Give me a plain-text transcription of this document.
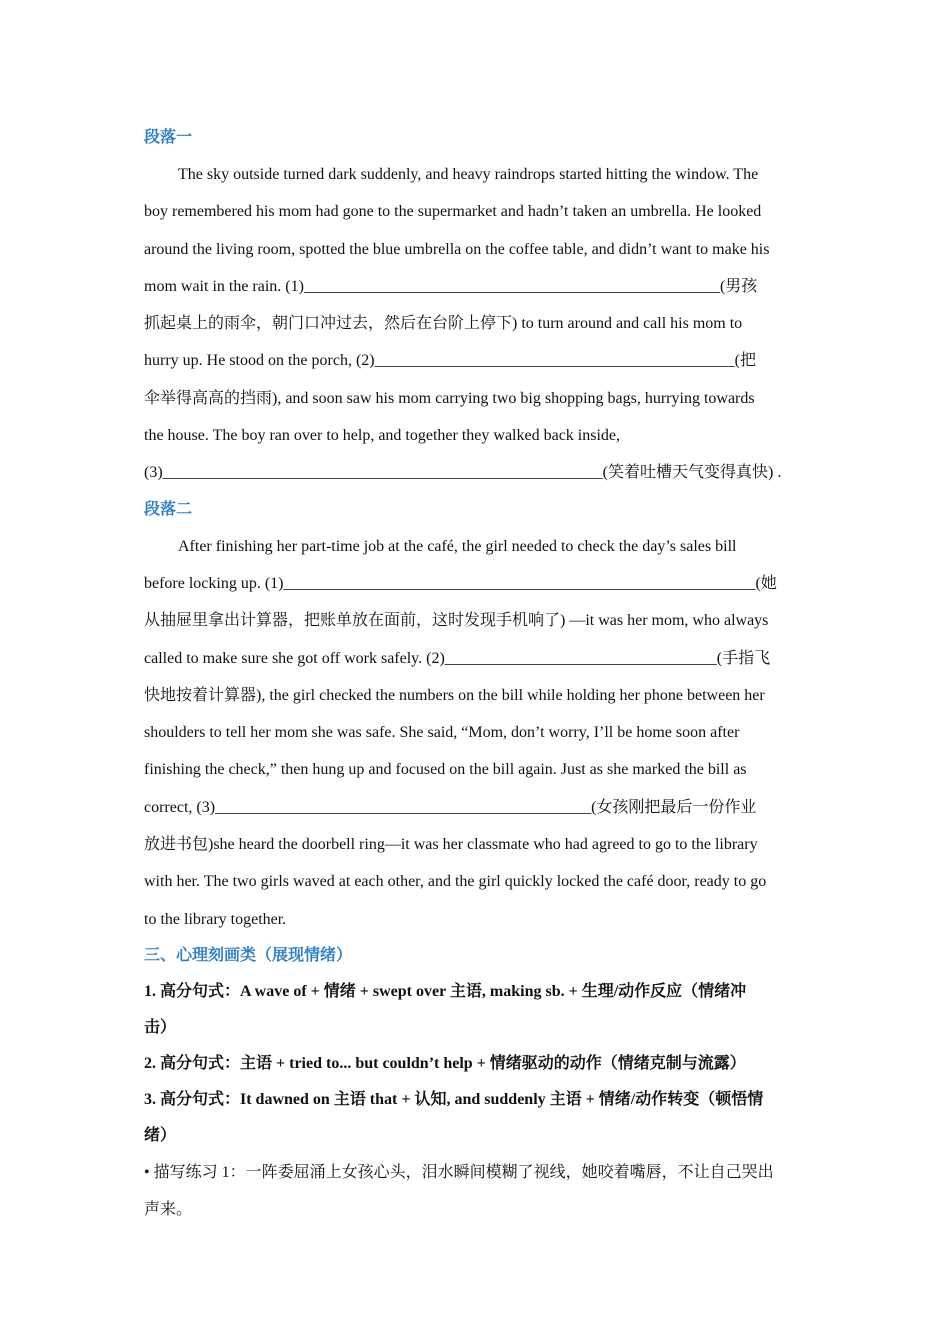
段落一
The sky outside turned dark suddenly, and heavy raindrops started hitting the window. The
boy remembered his mom had gone to the supermarket and hadn’t taken an umbrella. He looked
around the living room, spotted the blue umbrella on the coffee table, and didn’t want to make his
mom wait in the rain. (1)____________________________________________________(男孩
抓起桌上的雨伞，朝门口冲过去，然后在台阶上停下) to turn around and call his mom to
hurry up. He stood on the porch, (2)_____________________________________________(把
伞举得高高的挡雨), and soon saw his mom carrying two big shopping bags, hurrying towards
the house. The boy ran over to help, and together they walked back inside,
(3)_______________________________________________________(笑着吐槽天气变得真快) .
段落二
After finishing her part-time job at the café, the girl needed to check the day’s sales bill
before locking up. (1)___________________________________________________________(她
从抽屉里拿出计算器，把账单放在面前，这时发现手机响了) —it was her mom, who always
called to make sure she got off work safely. (2)__________________________________(手指飞
快地按着计算器), the girl checked the numbers on the bill while holding her phone between her
shoulders to tell her mom she was safe. She said, “Mom, don’t worry, I’ll be home soon after
finishing the check,” then hung up and focused on the bill again. Just as she marked the bill as
correct, (3)_______________________________________________(女孩刚把最后一份作业
放进书包)she heard the doorbell ring—it was her classmate who had agreed to go to the library
with her. The two girls waved at each other, and the girl quickly locked the café door, ready to go
to the library together.
三、心理刻画类（展现情绪）
1. 高分句式：A wave of + 情绪 + swept over 主语, making sb. + 生理/动作反应（情绪冲
击）
2. 高分句式：主语 + tried to... but couldn’t help + 情绪驱动的动作（情绪克制与流露）
3. 高分句式：It dawned on 主语 that + 认知, and suddenly 主语 + 情绪/动作转变（顿悟情
绪）
• 描写练习 1：一阵委屈涌上女孩心头，泪水瞬间模糊了视线，她咬着嘴唇，不让自己哭出
声来。
